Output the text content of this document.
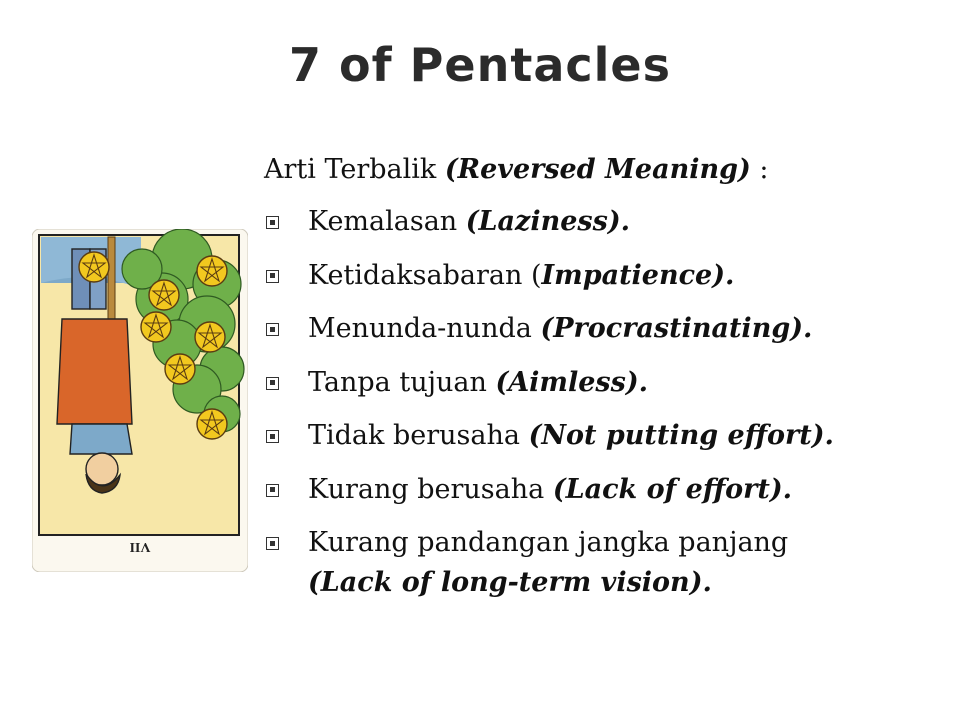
7 of Pentacles
VII
Arti Terbalik (Reversed Meaning) :
Kemalasan (Laziness).
Ketidaksabaran (Impatience).
Menunda-nunda (Procrastinating).
Tanpa tujuan (Aimless).
Tidak berusaha (Not putting effort).
Kurang berusaha (Lack of effort).
Kurang pandangan jangka panjang
(Lack of long-term vision).
